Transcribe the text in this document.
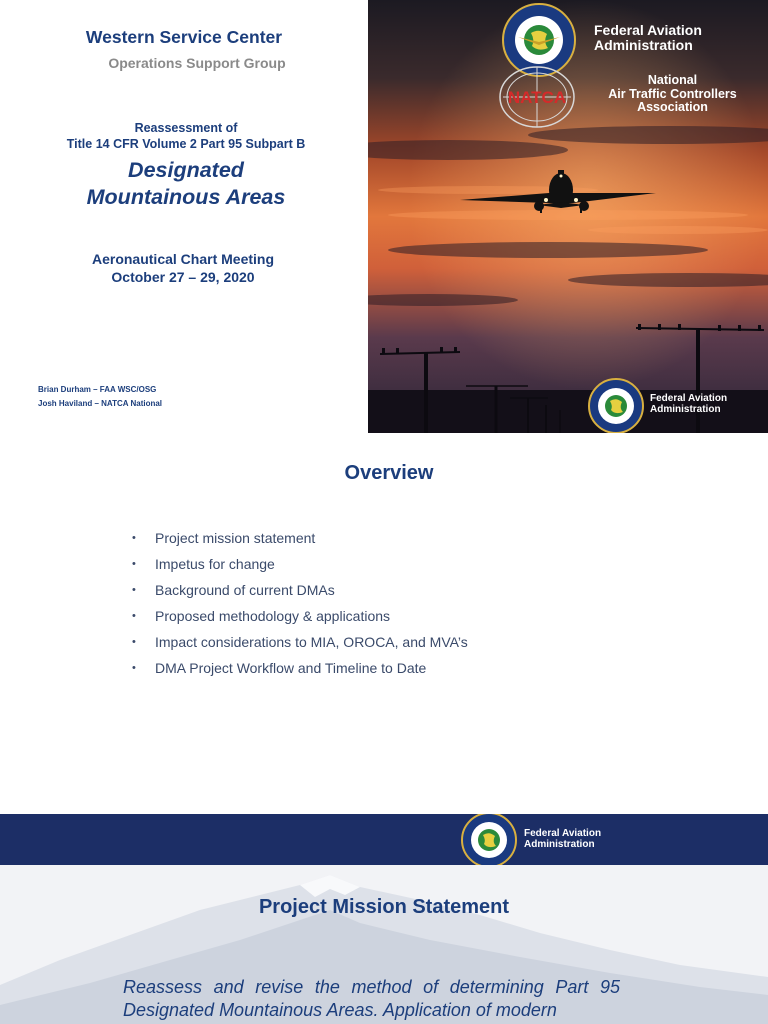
Western Service Center
Operations Support Group
Reassessment of
Title 14 CFR Volume 2 Part 95 Subpart B
Designated
Mountainous Areas
Aeronautical Chart Meeting
October 27 – 29, 2020
Brian Durham – FAA WSC/OSG
Josh Haviland – NATCA National
NATCA
Federal Aviation
Administration
National
Air Traffic Controllers
Association
Federal Aviation
Administration
Overview
• Project mission statement
• Impetus for change
• Background of current DMAs
• Proposed methodology & applications
• Impact considerations to MIA, OROCA, and MVA’s
• DMA Project Workflow and Timeline to Date
Federal Aviation
Administration
Project Mission Statement
Reassess and revise the method of determining Part 95 Designated Mountainous Areas. Application of modern
